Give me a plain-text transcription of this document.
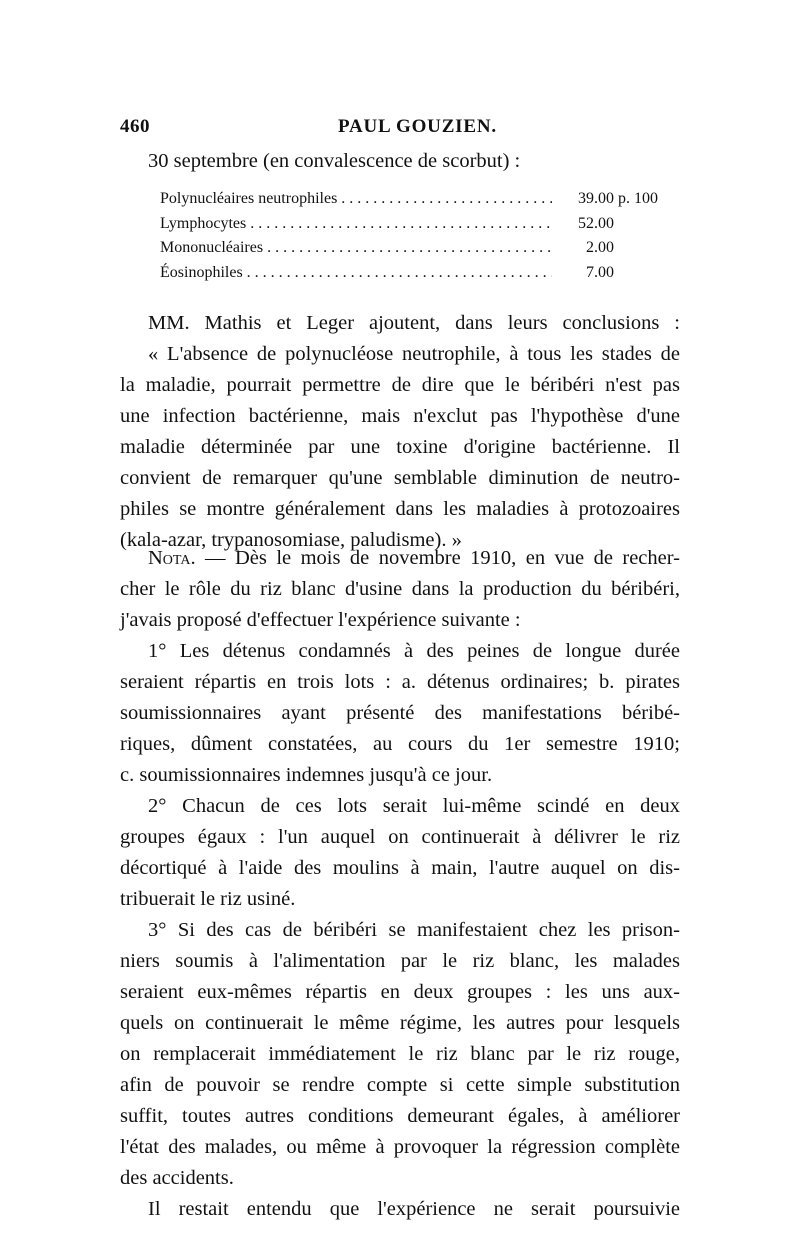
460	PAUL GOUZIEN.
30 septembre (en convalescence de scorbut) :
Polynucléaires neutrophiles . . .	39.00 p. 100
Lymphocytes . . .	52.00
Mononucléaires . . .	2.00
Éosinophiles . . .	7.00

MM. Mathis et Leger ajoutent, dans leurs conclusions :

« L'absence de polynucléose neutrophile, à tous les stades de

la maladie, pourrait permettre de dire que le béribéri n'est pas

une infection bactérienne, mais n'exclut pas l'hypothèse d'une

maladie déterminée par une toxine d'origine bactérienne. Il

convient de remarquer qu'une semblable diminution de neutro-

philes se montre généralement dans les maladies à protozoaires

(kala-azar, trypanosomiase, paludisme). »

Nota. — Dès le mois de novembre 1910, en vue de recher-

cher le rôle du riz blanc d'usine dans la production du béribéri,

j'avais proposé d'effectuer l'expérience suivante :

1° Les détenus condamnés à des peines de longue durée

seraient répartis en trois lots : a. détenus ordinaires; b. pirates

soumissionnaires ayant présenté des manifestations béribé-

riques, dûment constatées, au cours du 1er semestre 1910;

c. soumissionnaires indemnes jusqu'à ce jour.

2° Chacun de ces lots serait lui-même scindé en deux

groupes égaux : l'un auquel on continuerait à délivrer le riz

décortiqué à l'aide des moulins à main, l'autre auquel on dis-

tribuerait le riz usiné.

3° Si des cas de béribéri se manifestaient chez les prison-

niers soumis à l'alimentation par le riz blanc, les malades

seraient eux-mêmes répartis en deux groupes : les uns aux-

quels on continuerait le même régime, les autres pour lesquels

on remplacerait immédiatement le riz blanc par le riz rouge,

afin de pouvoir se rendre compte si cette simple substitution

suffit, toutes autres conditions demeurant égales, à améliorer

l'état des malades, ou même à provoquer la régression complète

des accidents.

Il restait entendu que l'expérience ne serait poursuivie
